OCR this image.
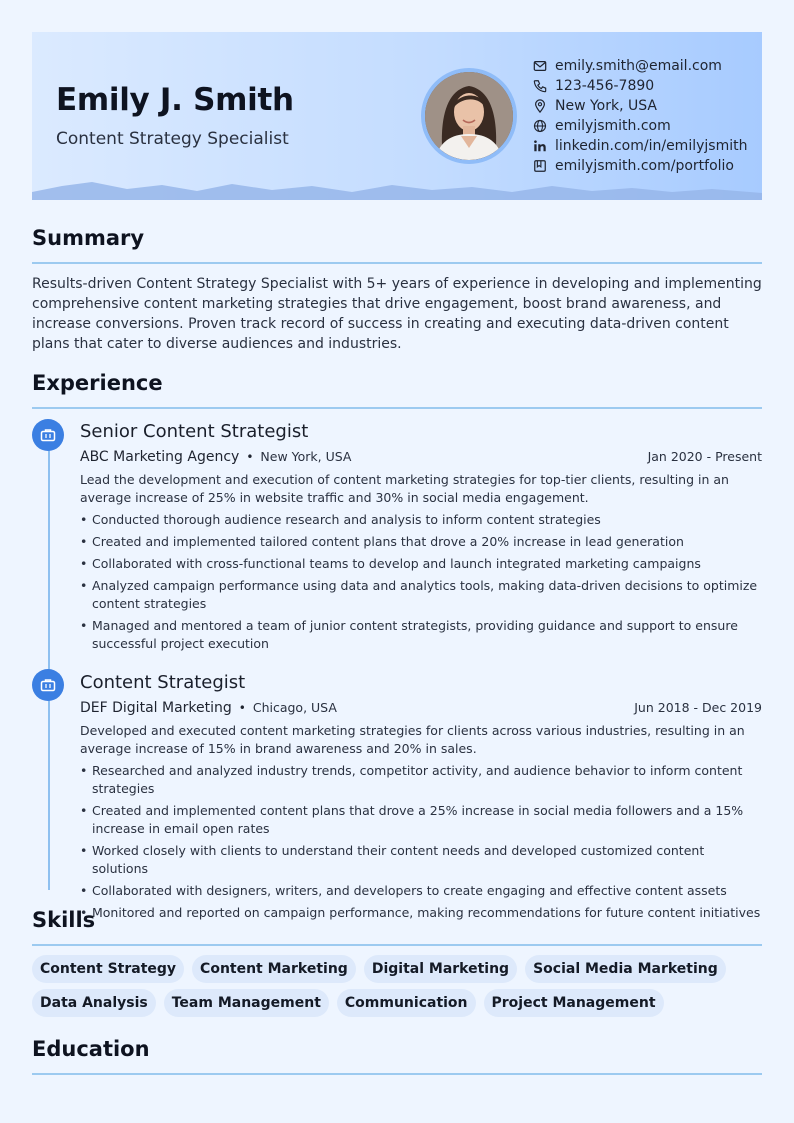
Emily J. Smith
Content Strategy Specialist
emily.smith@email.com
123-456-7890
New York, USA
emilyjsmith.com
linkedin.com/in/emilyjsmith
emilyjsmith.com/portfolio
Summary
Results-driven Content Strategy Specialist with 5+ years of experience in developing and implementing comprehensive content marketing strategies that drive engagement, boost brand awareness, and increase conversions. Proven track record of success in creating and executing data-driven content plans that cater to diverse audiences and industries.
Experience
Senior Content Strategist
ABC Marketing Agency • New York, USA	Jan 2020 - Present
Lead the development and execution of content marketing strategies for top-tier clients, resulting in an average increase of 25% in website traffic and 30% in social media engagement.
• Conducted thorough audience research and analysis to inform content strategies
• Created and implemented tailored content plans that drove a 20% increase in lead generation
• Collaborated with cross-functional teams to develop and launch integrated marketing campaigns
• Analyzed campaign performance using data and analytics tools, making data-driven decisions to optimize content strategies
• Managed and mentored a team of junior content strategists, providing guidance and support to ensure successful project execution
Content Strategist
DEF Digital Marketing • Chicago, USA	Jun 2018 - Dec 2019
Developed and executed content marketing strategies for clients across various industries, resulting in an average increase of 15% in brand awareness and 20% in sales.
• Researched and analyzed industry trends, competitor activity, and audience behavior to inform content strategies
• Created and implemented content plans that drove a 25% increase in social media followers and a 15% increase in email open rates
• Worked closely with clients to understand their content needs and developed customized content solutions
• Collaborated with designers, writers, and developers to create engaging and effective content assets
• Monitored and reported on campaign performance, making recommendations for future content initiatives
Skills
Content Strategy	Content Marketing	Digital Marketing	Social Media Marketing
Data Analysis	Team Management	Communication	Project Management
Education
